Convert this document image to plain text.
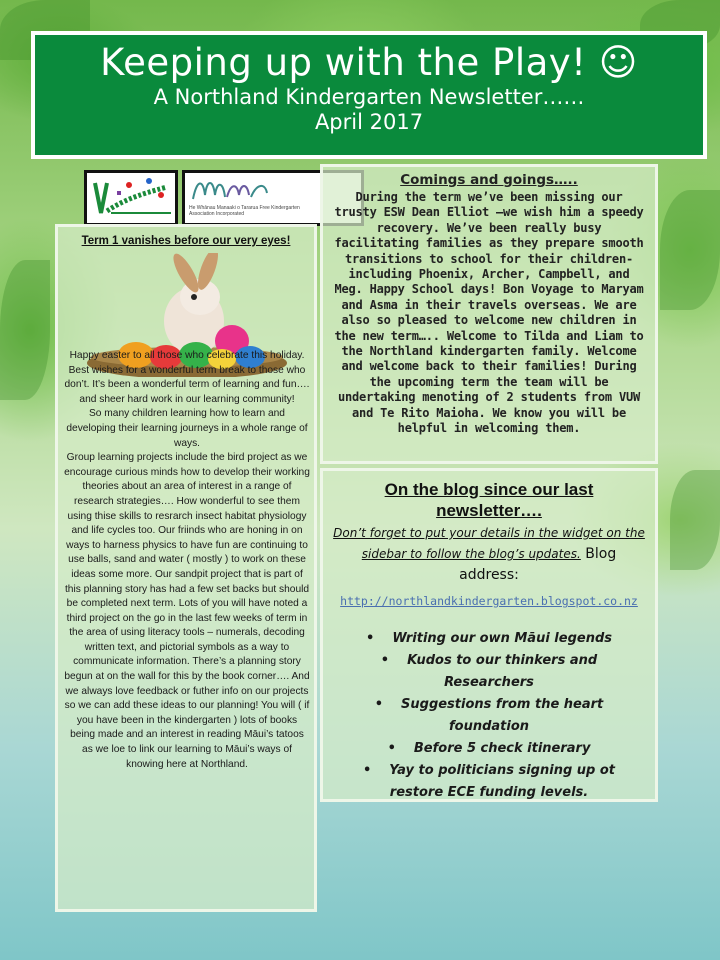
Keeping up with the Play! ☺
A Northland Kindergarten Newsletter……
April 2017
He Whānau Manaaki o Tararua Free Kindergarten Association Incorporated
Term 1 vanishes before our very eyes!
Happy easter to all those who celebrate this holiday. Best wishes for a wonderful term break to those who don’t. It’s been a wonderful term of learning and fun…. and sheer hard work in our learning community!
So many children learning how to learn and developing their learning journeys in a whole range of ways.
Group learning projects include the bird project as we encourage curious minds how to develop their working theories about an area of interest in a range of research strategies…. How wonderful to see them using thise skills to resrarch insect habitat physiology and life cycles too. Our friinds who are honing in on ways to harness physics to have fun are continuing to use balls, sand and water ( mostly ) to work on these ideas some more. Our sandpit project that is part of this planning story has had a few set backs but should be completed next term. Lots of you will have noted a third project on the go in the last few weeks of term in the area of using literacy tools – numerals, decoding written text, and pictorial symbols as a way to communicate information. There’s a planning story begun at on the wall for this by the book corner…. And we always love feedback or futher info on our projects so we can add these ideas to our planning! You will ( if you have been in the kindergarten ) lots of books being made and an interest in reading Māui’s tatoos as we loe to link our learning to Māui’s ways of knowing here at Northland.
Comings and goings…..
During the term we’ve been missing our trusty ESW Dean Elliot –we wish him a speedy recovery. We’ve been really busy facilitating families as they prepare smooth transitions to school for their children- including Phoenix, Archer, Campbell, and Meg. Happy School days! Bon Voyage to Maryam and Asma in their travels overseas. We are also so pleased to welcome new children in the new term….. Welcome to Tilda and Liam to the Northland kindergarten family. Welcome and welcome back to their families! During the upcoming term the team will be undertaking menoting of 2 students from VUW and Te Rito Maioha. We know you will be helpful in welcoming them.
On the blog since our last newsletter….
Don’t forget to put your details in the widget on the sidebar to follow the blog’s updates. Blog address:
http://northlandkindergarten.blogspot.co.nz
• Writing our own Māui legends
• Kudos to our thinkers and Researchers
• Suggestions from the heart foundation
• Before 5 check itinerary
• Yay to politicians signing up ot restore ECE funding levels.
